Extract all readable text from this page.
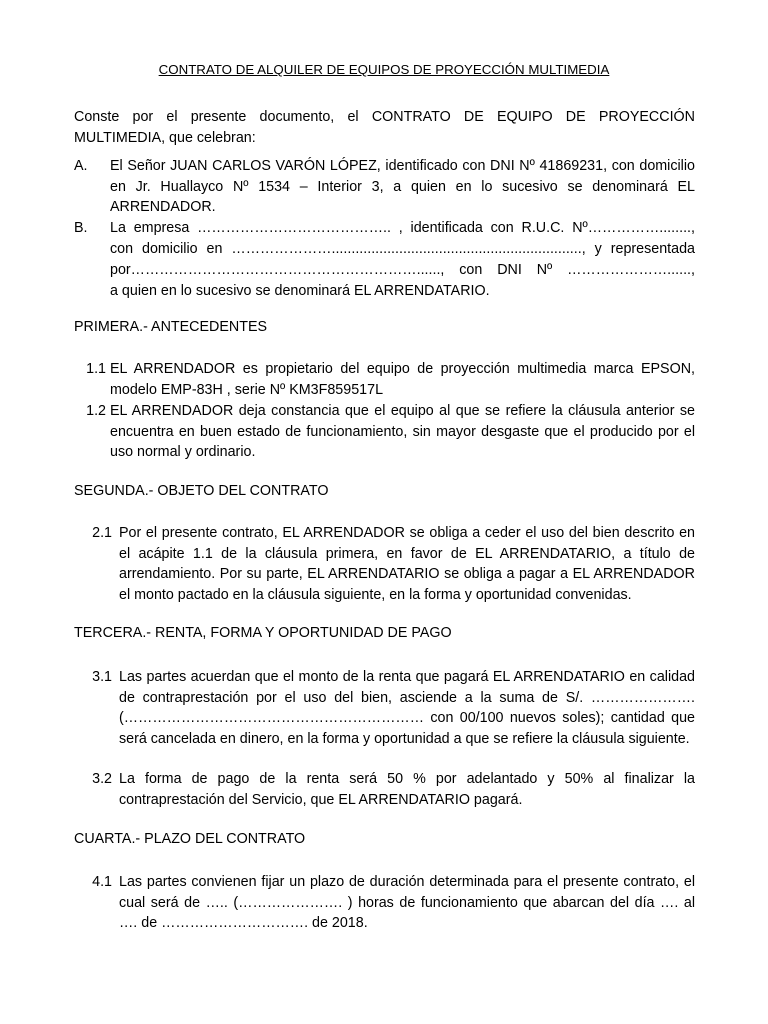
CONTRATO DE ALQUILER DE EQUIPOS DE PROYECCIÓN MULTIMEDIA
Conste por el presente documento, el CONTRATO DE EQUIPO DE PROYECCIÓN MULTIMEDIA, que celebran:
A.	El Señor JUAN CARLOS VARÓN LÓPEZ, identificado con DNI Nº 41869231, con domicilio en Jr. Huallayco Nº 1534 – Interior 3, a quien en lo sucesivo se denominará EL ARRENDADOR.
B.	La empresa ………………………………….. , identificada con R.U.C. Nº……………........,
con domicilio en …………………..............................................................., y representada
por……………………………………………………......, con DNI Nº …………………......,
a quien en lo sucesivo se denominará EL ARRENDATARIO.
PRIMERA.- ANTECEDENTES
1.1 EL ARRENDADOR es propietario del equipo de proyección multimedia marca EPSON, modelo EMP-83H , serie Nº KM3F859517L
1.2 EL ARRENDADOR deja constancia que el equipo al que se refiere la cláusula anterior se encuentra en buen estado de funcionamiento, sin mayor desgaste que el producido por el uso normal y ordinario.
SEGUNDA.- OBJETO DEL CONTRATO
2.1 Por el presente contrato, EL ARRENDADOR se obliga a ceder el uso del bien descrito en el acápite 1.1 de la cláusula primera, en favor de EL ARRENDATARIO, a título de arrendamiento. Por su parte, EL ARRENDATARIO se obliga a pagar a EL ARRENDADOR el monto pactado en la cláusula siguiente, en la forma y oportunidad convenidas.
TERCERA.- RENTA, FORMA Y OPORTUNIDAD DE PAGO
3.1 Las partes acuerdan que el monto de la renta que pagará EL ARRENDATARIO en calidad de contraprestación por el uso del bien, asciende a la suma de S/. …………………. (……………………………………………………… con 00/100 nuevos soles); cantidad que será cancelada en dinero, en la forma y oportunidad a que se refiere la cláusula siguiente.
3.2 La forma de pago de la renta será 50 % por adelantado y 50% al finalizar la contraprestación del Servicio, que EL ARRENDATARIO pagará.
CUARTA.- PLAZO DEL CONTRATO
4.1 Las partes convienen fijar un plazo de duración determinada para el presente contrato, el cual será de ….. (…………………. ) horas de funcionamiento que abarcan del día …. al …. de …………………………. de 2018.
